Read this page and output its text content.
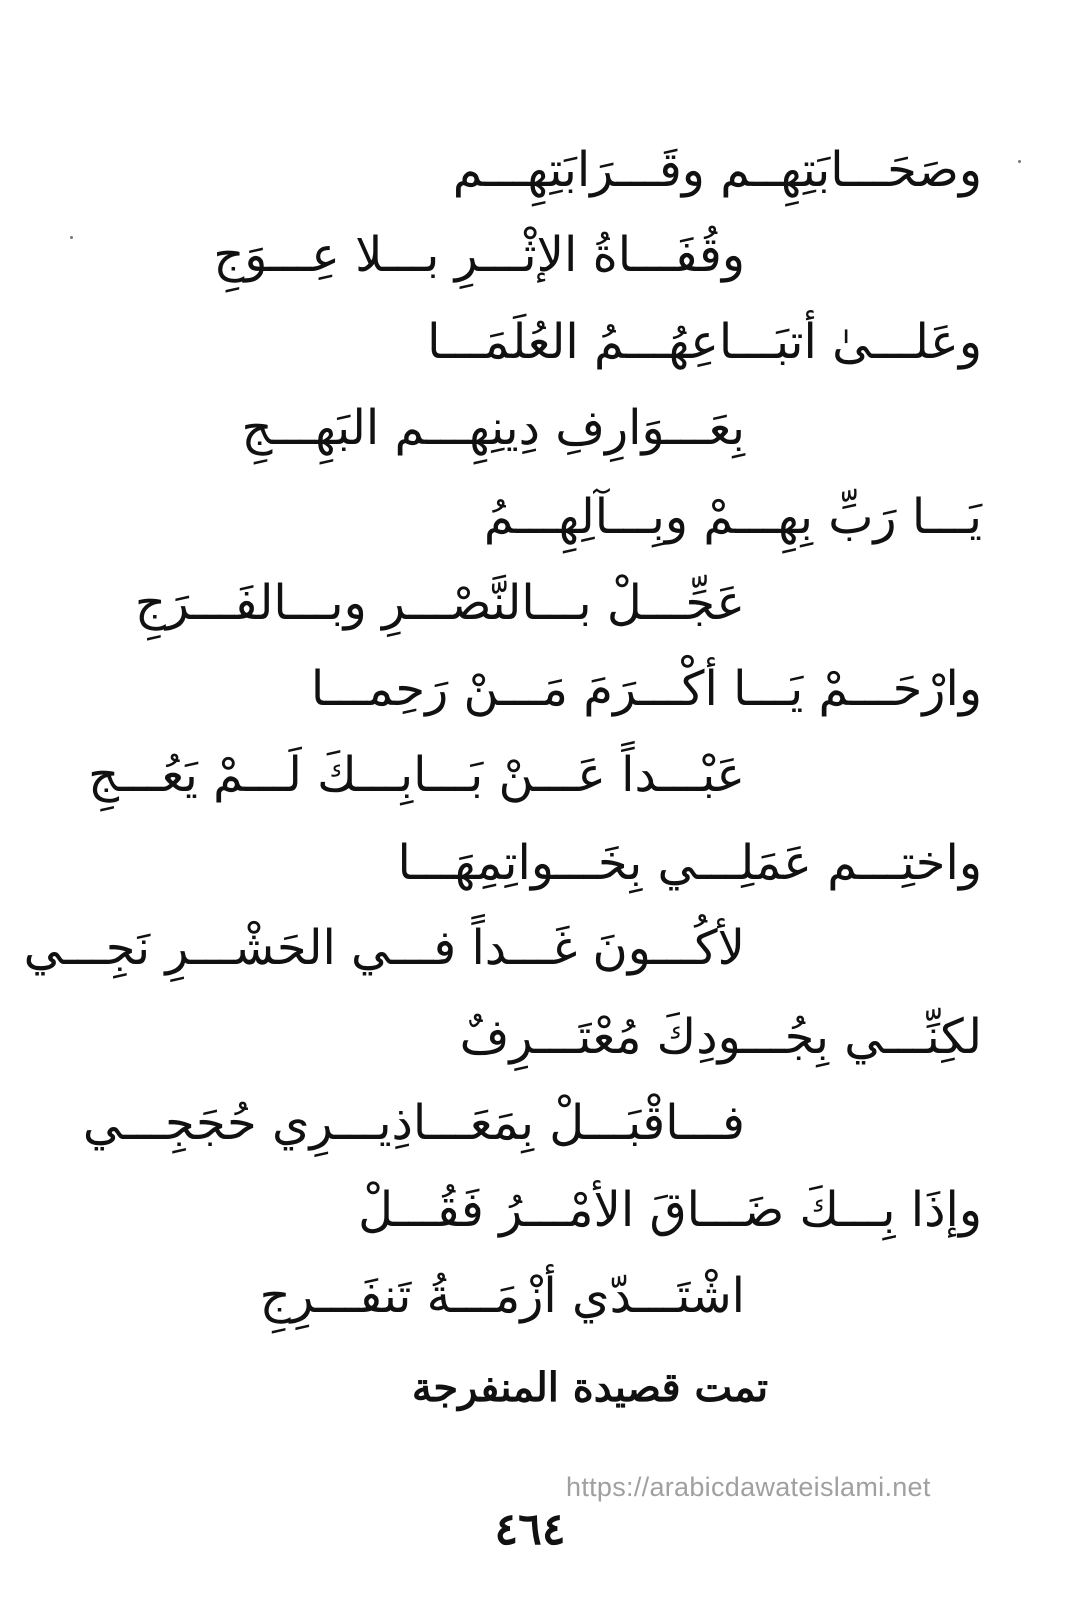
وصَحَـــابَتِهِــم وقَـــرَابَتِهِـــم
وقُفَـــاةُ الإثْـــرِ بـــلا عِـــوَجِ
وعَلـــىٰ أتبَـــاعِهُـــمُ العُلَمَـــا
بِعَـــوَارِفِ دِينِهِـــم البَهِـــجِ
يَـــا رَبِّ بِهِـــمْ وبِـــآلِهِـــمُ
عَجِّـــلْ بـــالنَّصْـــرِ وبـــالفَـــرَجِ
وارْحَـــمْ يَـــا أكْـــرَمَ مَـــنْ رَحِمـــا
عَبْـــداً عَـــنْ بَـــابِـــكَ لَـــمْ يَعُـــجِ
واختِـــم عَمَلِـــي بِخَـــواتِمِهَـــا
لأكُـــونَ غَـــداً فـــي الحَشْـــرِ نَجِـــي
لكِنِّـــي بِجُـــودِكَ مُعْتَـــرِفٌ
فـــاقْبَـــلْ بِمَعَـــاذِيـــرِي حُجَجِـــي
وإذَا بِـــكَ ضَـــاقَ الأمْـــرُ فَقُـــلْ
اشْتَـــدّي أزْمَـــةُ تَنفَـــرِجِ
تمت قصيدة المنفرجة
https://arabicdawateislami.net
٤٦٤
